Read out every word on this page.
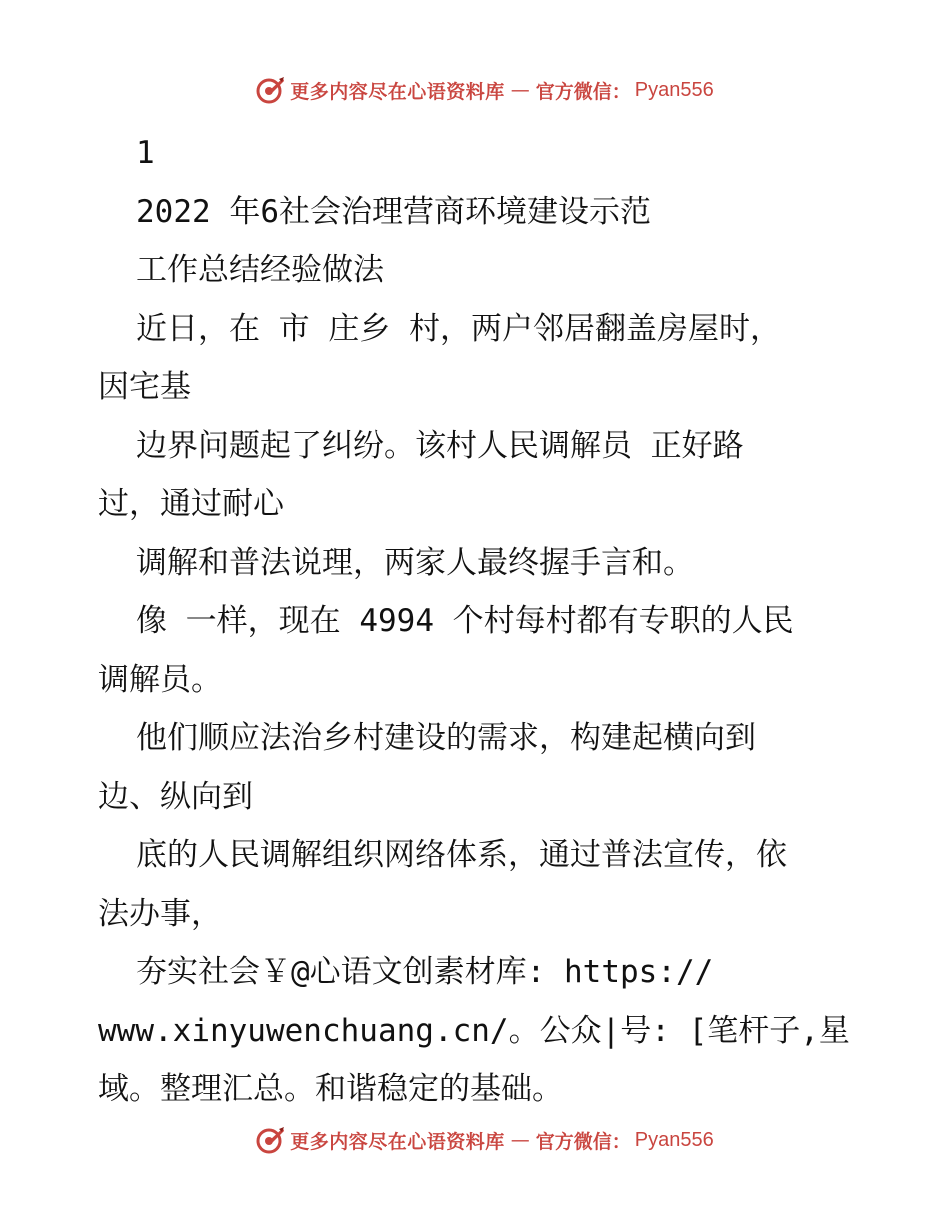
更多内容尽在心语资料库 — 官方微信： Pyan556
1
2022 年6社会治理营商环境建设示范
工作总结经验做法
近日，在 市 庄乡 村，两户邻居翻盖房屋时，
因宅基
边界问题起了纠纷。该村人民调解员 正好路
过，通过耐心
调解和普法说理，两家人最终握手言和。
像 一样，现在 4994 个村每村都有专职的人民
调解员。
他们顺应法治乡村建设的需求，构建起横向到
边、纵向到
底的人民调解组织网络体系，通过普法宣传，依
法办事，
夯实社会￥@心语文创素材库: https://
www.xinyuwenchuang.cn/。公众|号: [笔杆子,星
域。整理汇总。和谐稳定的基础。
更多内容尽在心语资料库 — 官方微信： Pyan556
